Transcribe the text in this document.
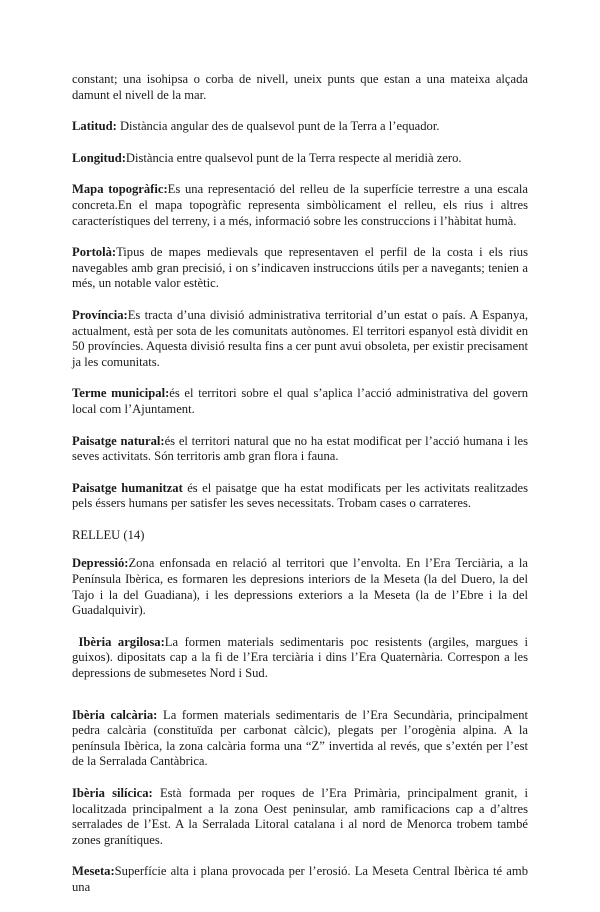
constant; una isohipsa o corba de nivell, uneix punts que estan a una mateixa alçada damunt el nivell de la mar.

Latitud: Distància angular des de qualsevol punt de la Terra a l’equador.

Longitud:Distància entre qualsevol punt de la Terra respecte al meridià zero.

Mapa topogràfic:Es una representació del relleu de la superfície terrestre a una escala concreta.En el mapa topogràfic representa simbòlicament el relleu, els rius i altres característiques del terreny, i a més, informació sobre les construccions i l’hàbitat humà.

Portolà:Tipus de mapes medievals que representaven el perfil de la costa i els rius navegables amb gran precisió, i on s’indicaven instruccions útils per a navegants; tenien a més, un notable valor estètic.

Província:Es tracta d’una divisió administrativa territorial d’un estat o país. A Espanya, actualment, està per sota de les comunitats autònomes. El territori espanyol està dividit en 50 províncies. Aquesta divisió resulta fins a cer punt avui obsoleta, per existir precisament ja les comunitats.

Terme municipal:és el territori sobre el qual s’aplica l’acció administrativa del govern local com l’Ajuntament.

Paisatge natural:és el territori natural que no ha estat modificat per l’acció humana i les seves activitats. Són territoris amb gran flora i fauna.

Paisatge humanitzat és el paisatge que ha estat modificats per les activitats realitzades pels éssers humans per satisfer les seves necessitats. Trobam cases o carrateres.

RELLEU (14)

Depressió:Zona enfonsada en relació al territori que l’envolta. En l’Era Terciària, a la Península Ibèrica, es formaren les depresions interiors de la Meseta (la del Duero, la del Tajo i la del Guadiana), i les depressions exteriors a la Meseta (la de l’Ebre i la del Guadalquivir).

Ibèria argilosa:La formen materials sedimentaris poc resistents (argiles, margues i guixos). dipositats cap a la fi de l’Era terciària i dins l’Era Quaternària. Correspon a les depressions de submesetes Nord i Sud.

Ibèria calcària: La formen materials sedimentaris de l’Era Secundària, principalment pedra calcària (constituïda per carbonat càlcic), plegats per l’orogènia alpina. A la península Ibèrica, la zona calcària forma una “Z” invertida al revés, que s’extén per l’est de la Serralada Cantàbrica.

Ibèria silícica: Està formada per roques de l’Era Primària, principalment granit, i localitzada principalment a la zona Oest peninsular, amb ramificacions cap a d’altres serralades de l’Est. A la Serralada Litoral catalana i al nord de Menorca trobem també zones granítiques.

Meseta:Superfície alta i plana provocada per l’erosió. La Meseta Central Ibèrica té amb una
